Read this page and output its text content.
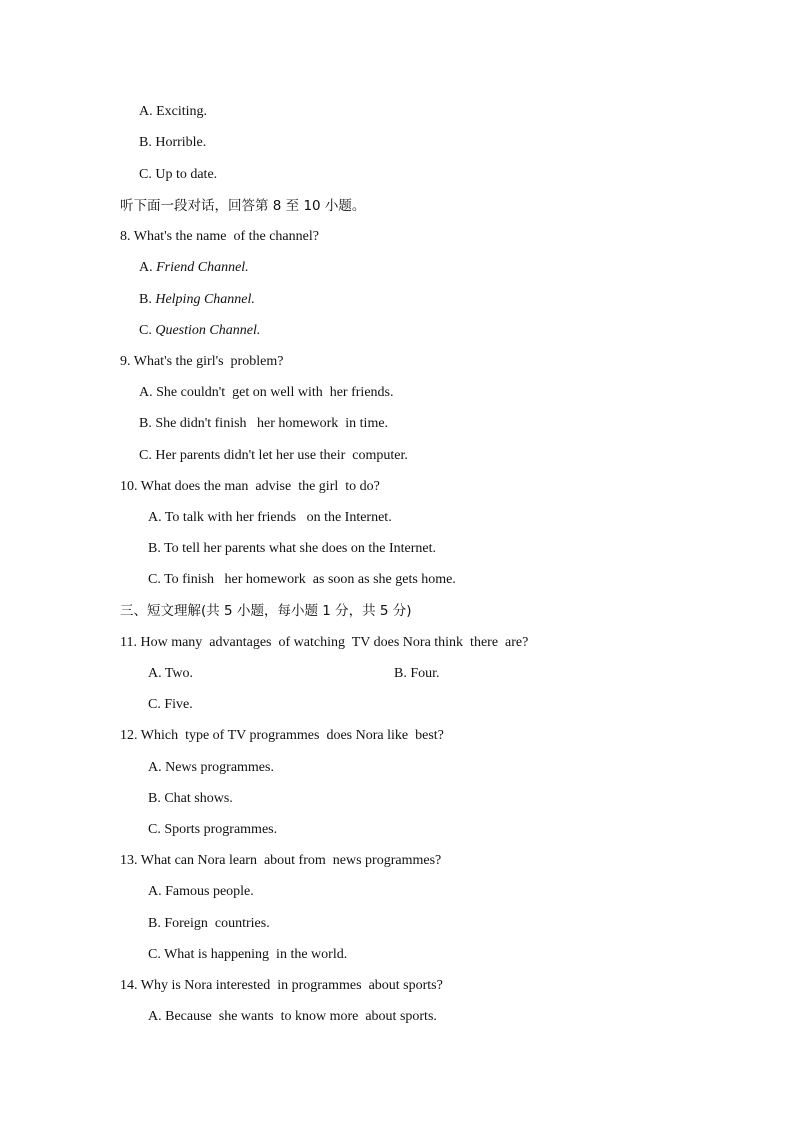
A. Exciting.
B. Horrible.
C. Up to date.
听下面一段对话，回答第 8 至 10 小题。
8. What's the name  of the channel?
A. Friend Channel.
B. Helping Channel.
C. Question Channel.
9. What's the girl's  problem?
A. She couldn't  get on well with  her friends.
B. She didn't finish   her homework  in time.
C. Her parents didn't let her use their  computer.
10. What does the man  advise  the girl  to do?
A. To talk with her friends   on the Internet.
B. To tell her parents what she does on the Internet.
C. To finish   her homework  as soon as she gets home.
三、短文理解(共 5 小题，每小题 1 分，共 5 分)
11. How many  advantages  of watching  TV does Nora think  there  are?
A. Two.	B. Four.
C. Five.
12. Which  type of TV programmes  does Nora like  best?
A. News programmes.
B. Chat shows.
C. Sports programmes.
13. What can Nora learn  about from  news programmes?
A. Famous people.
B. Foreign  countries.
C. What is happening  in the world.
14. Why is Nora interested  in programmes  about sports?
A. Because  she wants  to know more  about sports.
